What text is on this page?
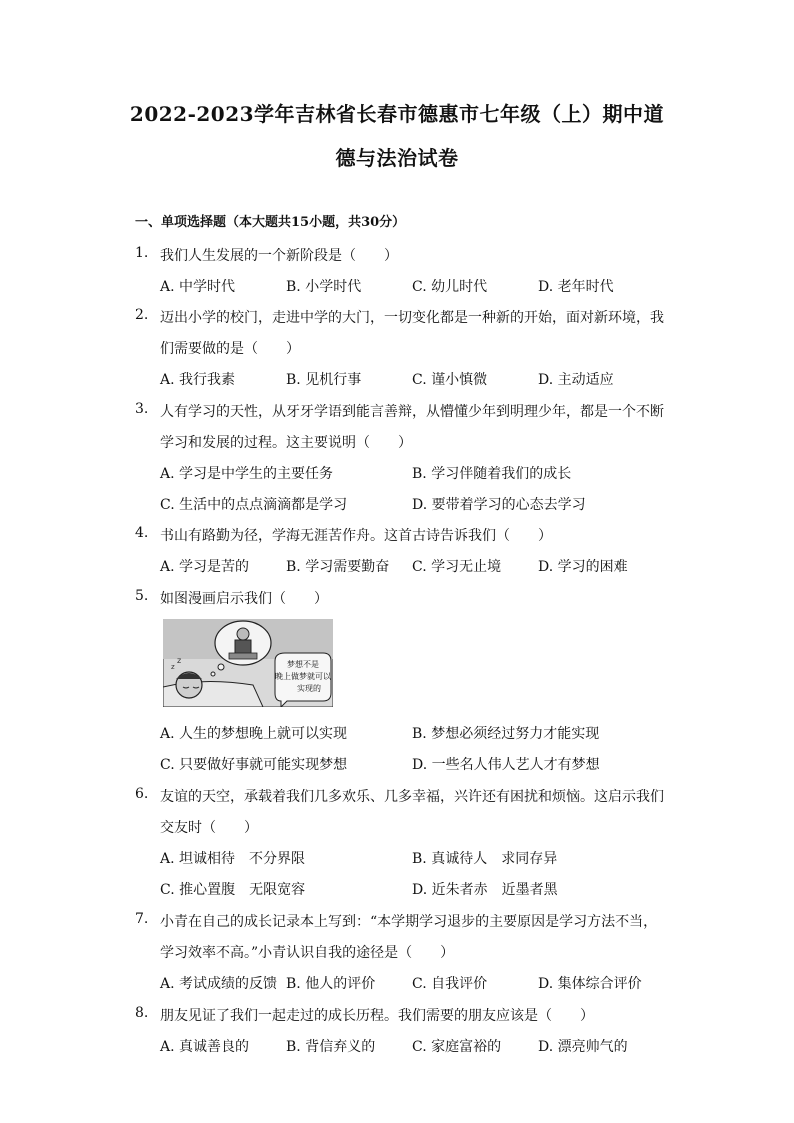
2022-2023学年吉林省长春市德惠市七年级（上）期中道
德与法治试卷
一、单项选择题（本大题共15小题，共30分）
1. 我们人生发展的一个新阶段是（　　）
A. 中学时代	B. 小学时代	C. 幼儿时代	D. 老年时代
2. 迈出小学的校门，走进中学的大门，一切变化都是一种新的开始，面对新环境，我
们需要做的是（　　）
A. 我行我素	B. 见机行事	C. 谨小慎微	D. 主动适应
3. 人有学习的天性，从牙牙学语到能言善辩，从懵懂少年到明理少年，都是一个不断
学习和发展的过程。这主要说明（　　）
A. 学习是中学生的主要任务	B. 学习伴随着我们的成长
C. 生活中的点点滴滴都是学习	D. 要带着学习的心态去学习
4. 书山有路勤为径，学海无涯苦作舟。这首古诗告诉我们（　　）
A. 学习是苦的	B. 学习需要勤奋 C. 学习无止境	D. 学习的困难
5. 如图漫画启示我们（　　）
梦想不是
晚上做梦就可以
实现的
z
z
A. 人生的梦想晚上就可以实现	B. 梦想必须经过努力才能实现
C. 只要做好事就可能实现梦想	D. 一些名人伟人艺人才有梦想
6. 友谊的天空，承载着我们几多欢乐、几多幸福，兴许还有困扰和烦恼。这启示我们
交友时（　　）
A. 坦诚相待　不分界限	B. 真诚待人　求同存异
C. 推心置腹　无限宽容	D. 近朱者赤　近墨者黑
7. 小青在自己的成长记录本上写到：“本学期学习退步的主要原因是学习方法不当，
学习效率不高。”小青认识自我的途径是（　　）
A. 考试成绩的反馈 B. 他人的评价	C. 自我评价	D. 集体综合评价
8. 朋友见证了我们一起走过的成长历程。我们需要的朋友应该是（　　）
A. 真诚善良的	B. 背信弃义的	C. 家庭富裕的	D. 漂亮帅气的
